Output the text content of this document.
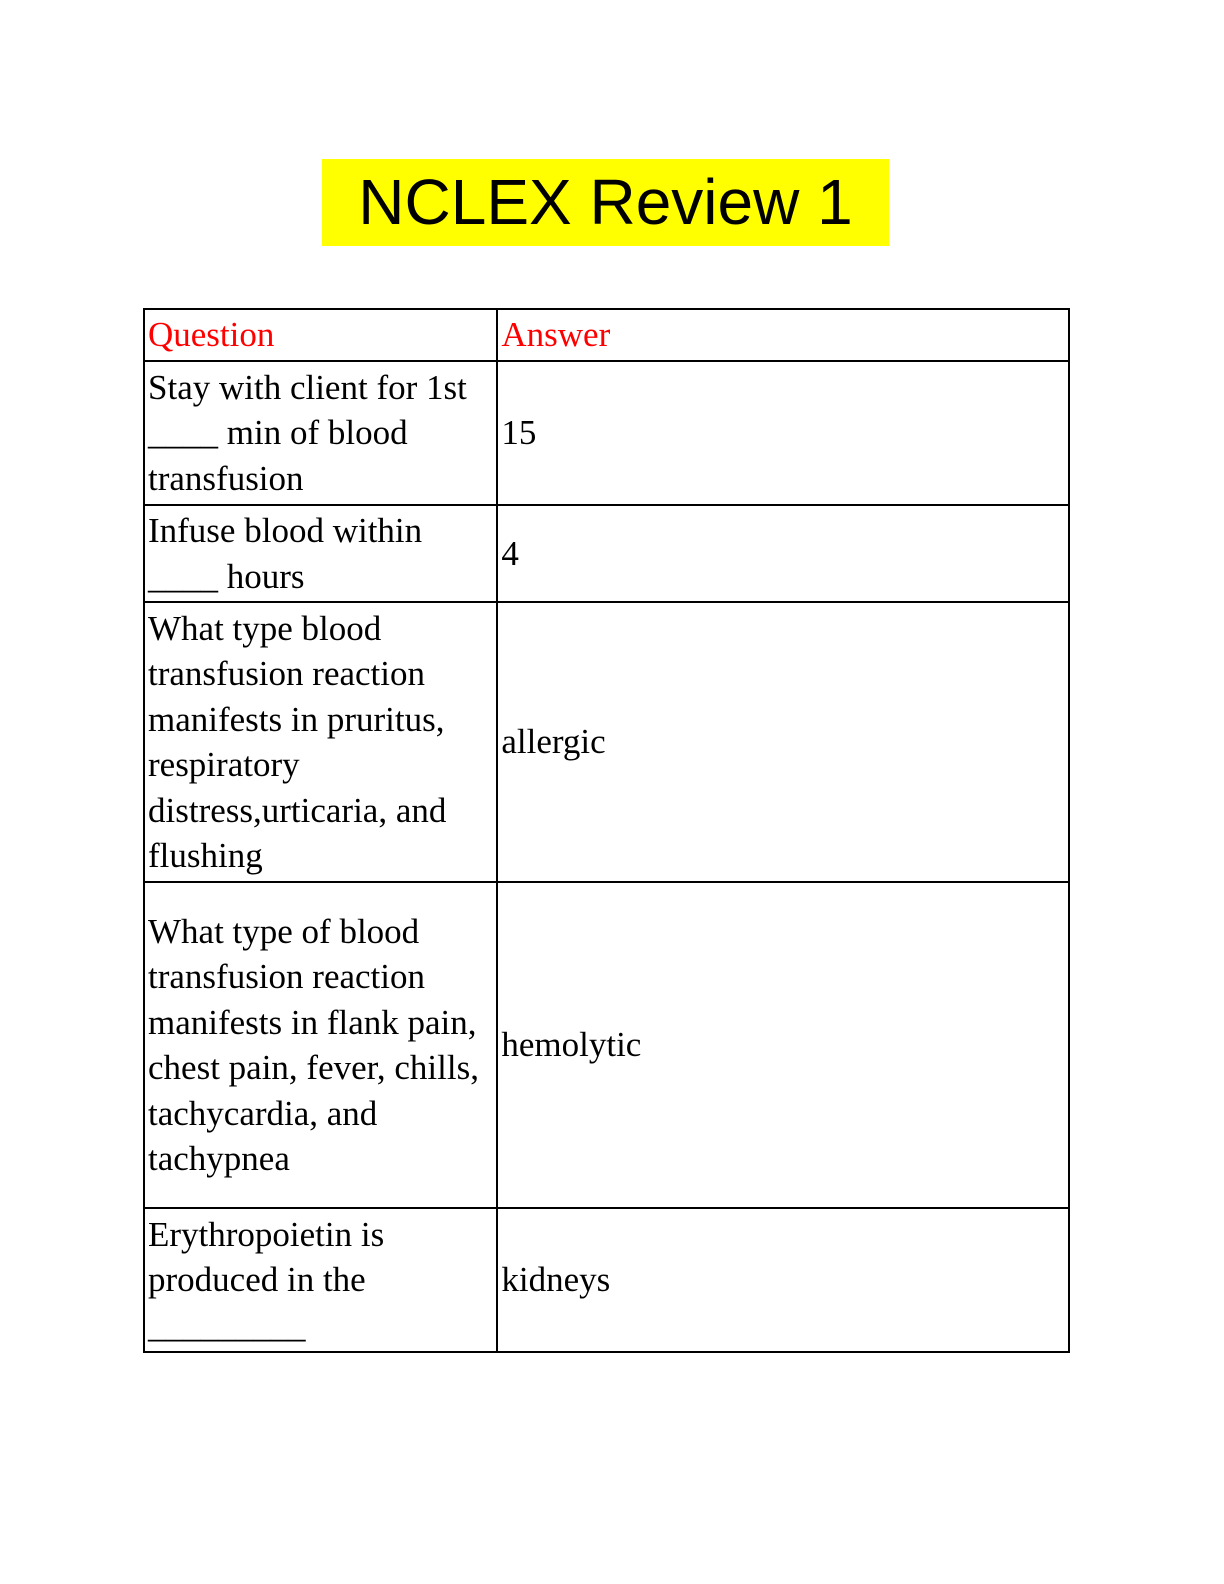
NCLEX Review 1
Question	Answer
Stay with client for 1st ____ min of blood transfusion	15
Infuse blood within ____ hours	4
What type blood transfusion reaction manifests in pruritus, respiratory distress,urticaria, and flushing	allergic
What type of blood transfusion reaction manifests in flank pain, chest pain, fever, chills, tachycardia, and tachypnea	hemolytic
Erythropoietin is produced in the _________	kidneys
